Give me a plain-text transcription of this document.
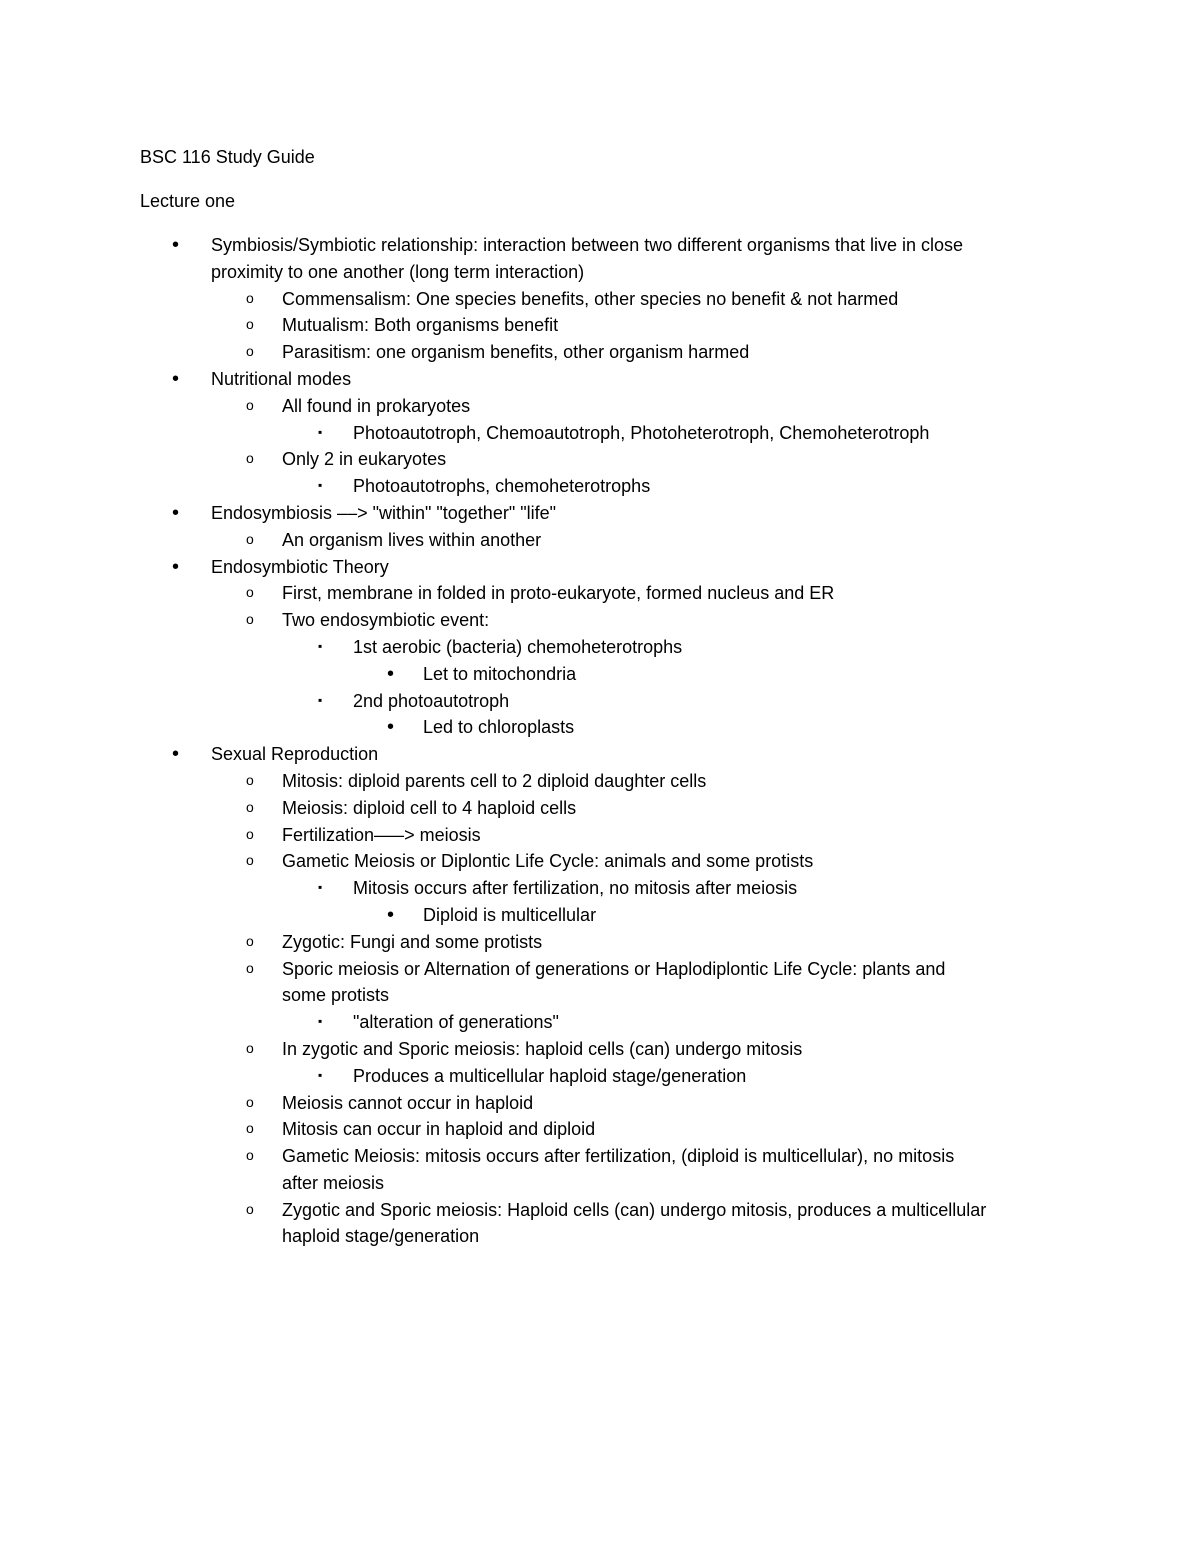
BSC 116 Study Guide
Lecture one
• Symbiosis/Symbiotic relationship: interaction between two different organisms that live in close
proximity to one another (long term interaction)
o Commensalism: One species benefits, other species no benefit & not harmed
o Mutualism: Both organisms benefit
o Parasitism: one organism benefits, other organism harmed
• Nutritional modes
o All found in prokaryotes
▪ Photoautotroph, Chemoautotroph, Photoheterotroph, Chemoheterotroph
o Only 2 in eukaryotes
▪ Photoautotrophs, chemoheterotrophs
• Endosymbiosis ––> "within" "together" "life"
o An organism lives within another
• Endosymbiotic Theory
o First, membrane in folded in proto-eukaryote, formed nucleus and ER
o Two endosymbiotic event:
▪ 1st aerobic (bacteria) chemoheterotrophs
• Let to mitochondria
▪ 2nd photoautotroph
• Led to chloroplasts
• Sexual Reproduction
o Mitosis: diploid parents cell to 2 diploid daughter cells
o Meiosis: diploid cell to 4 haploid cells
o Fertilization–––> meiosis
o Gametic Meiosis or Diplontic Life Cycle: animals and some protists
▪ Mitosis occurs after fertilization, no mitosis after meiosis
• Diploid is multicellular
o Zygotic: Fungi and some protists
o Sporic meiosis or Alternation of generations or Haplodiplontic Life Cycle: plants and
some protists
▪ "alteration of generations"
o In zygotic and Sporic meiosis: haploid cells (can) undergo mitosis
▪ Produces a multicellular haploid stage/generation
o Meiosis cannot occur in haploid
o Mitosis can occur in haploid and diploid
o Gametic Meiosis: mitosis occurs after fertilization, (diploid is multicellular), no mitosis
after meiosis
o Zygotic and Sporic meiosis: Haploid cells (can) undergo mitosis, produces a multicellular
haploid stage/generation
